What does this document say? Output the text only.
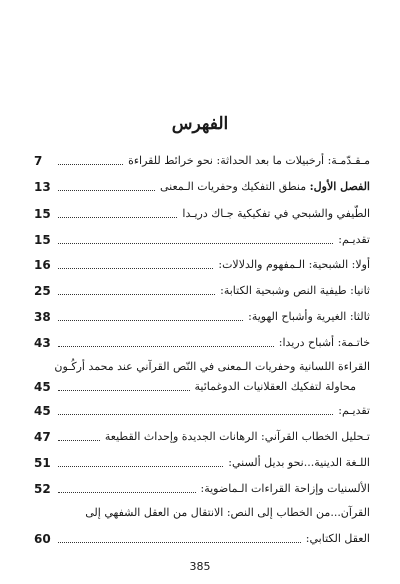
الفهرس
مـقـدّمـة: أرخبيلات ما بعد الحداثة: نحو خرائط للقراءة
7
الفصل الأول: منطق التفكيك وحفريات الـمعنى
13
الطّيفي والشبحي في تفكيكية جـاك دريـدا
15
تقديـم:
15
أولا: الشبحية: الـمفهوم والدلالات:
16
ثانيا: طيفية النص وشبحية الكتابة:
25
ثالثا: الغيرية وأشباح الهوية:
38
خاتـمة: أشباح دريدا:
43
القراءة اللسانية وحفريات الـمعنى في النّص القرآني عند محمد أركُـون
محاولة لتفكيك العقلانيات الدوغمائية
45
تقديـم:
45
تـحليل الخطاب القرآني: الرهانات الجديدة وإحداث القطيعة
47
اللـغة الدينية...نحو بديل ألسني:
51
الألسنيات وإزاحة القراءات الـماضوية:
52
القرآن...من الخطاب إلى النص: الانتقال من العقل الشفهي إلى
العقل الكتابي:
60
385
